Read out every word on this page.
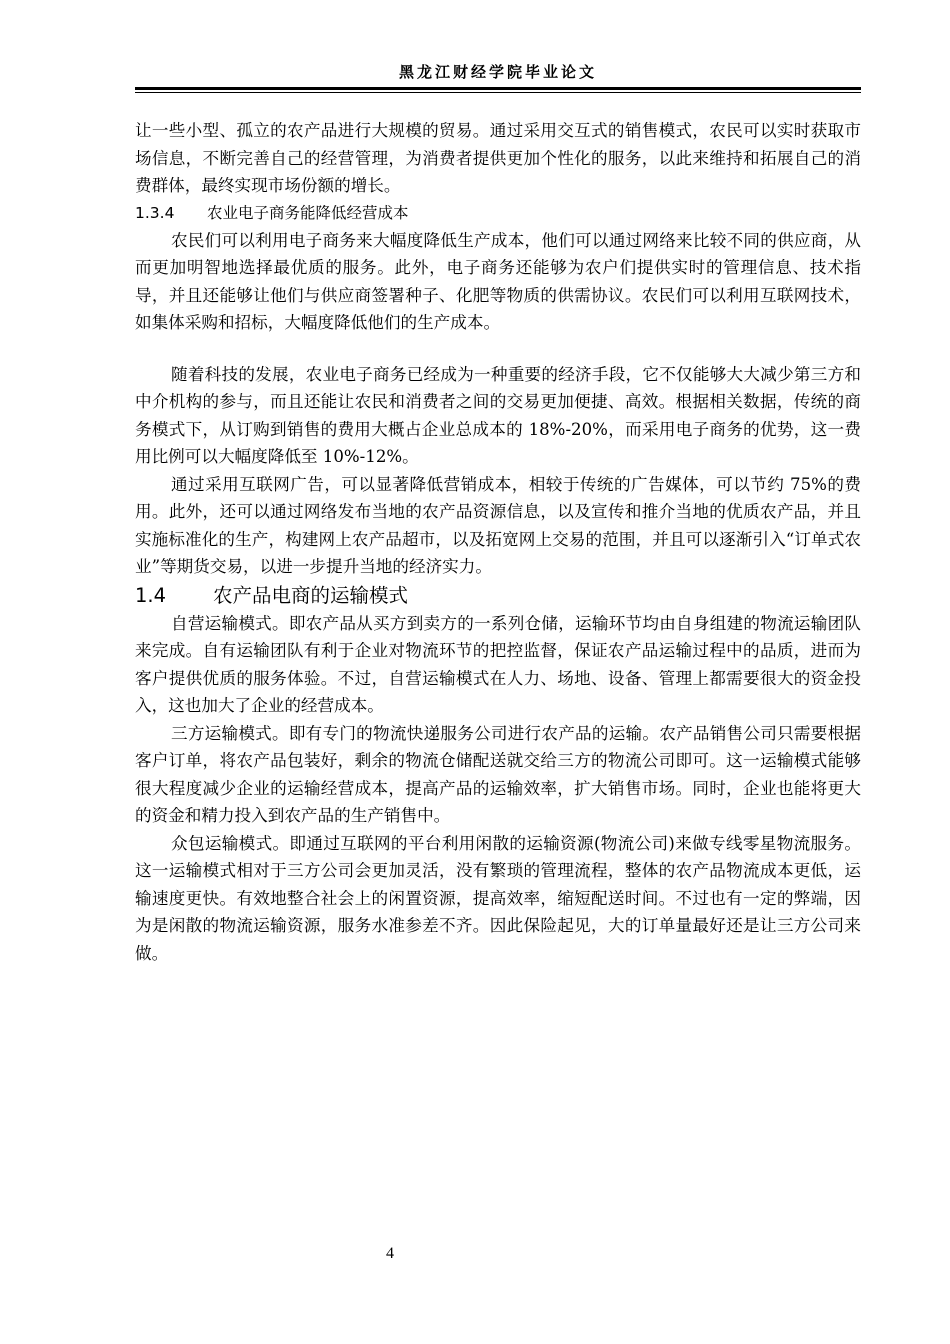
黑龙江财经学院毕业论文

让一些小型、孤立的农产品进行大规模的贸易。通过采用交互式的销售模式，农民可以实时获取市场信息，不断完善自己的经营管理，为消费者提供更加个性化的服务，以此来维持和拓展自己的消费群体，最终实现市场份额的增长。

1.3.4 农业电子商务能降低经营成本

农民们可以利用电子商务来大幅度降低生产成本，他们可以通过网络来比较不同的供应商，从而更加明智地选择最优质的服务。此外，电子商务还能够为农户们提供实时的管理信息、技术指导，并且还能够让他们与供应商签署种子、化肥等物质的供需协议。农民们可以利用互联网技术，如集体采购和招标，大幅度降低他们的生产成本。

随着科技的发展，农业电子商务已经成为一种重要的经济手段，它不仅能够大大减少第三方和中介机构的参与，而且还能让农民和消费者之间的交易更加便捷、高效。根据相关数据，传统的商务模式下，从订购到销售的费用大概占企业总成本的 18%-20%，而采用电子商务的优势，这一费用比例可以大幅度降低至 10%-12%。

通过采用互联网广告，可以显著降低营销成本，相较于传统的广告媒体，可以节约 75%的费用。此外，还可以通过网络发布当地的农产品资源信息，以及宣传和推介当地的优质农产品，并且实施标准化的生产，构建网上农产品超市，以及拓宽网上交易的范围，并且可以逐渐引入“订单式农业”等期货交易，以进一步提升当地的经济实力。

1.4 农产品电商的运输模式

自营运输模式。即农产品从买方到卖方的一系列仓储，运输环节均由自身组建的物流运输团队来完成。自有运输团队有利于企业对物流环节的把控监督，保证农产品运输过程中的品质，进而为客户提供优质的服务体验。不过，自营运输模式在人力、场地、设备、管理上都需要很大的资金投入，这也加大了企业的经营成本。

三方运输模式。即有专门的物流快递服务公司进行农产品的运输。农产品销售公司只需要根据客户订单，将农产品包装好，剩余的物流仓储配送就交给三方的物流公司即可。这一运输模式能够很大程度减少企业的运输经营成本，提高产品的运输效率，扩大销售市场。同时，企业也能将更大的资金和精力投入到农产品的生产销售中。

众包运输模式。即通过互联网的平台利用闲散的运输资源(物流公司)来做专线零星物流服务。这一运输模式相对于三方公司会更加灵活，没有繁琐的管理流程，整体的农产品物流成本更低，运输速度更快。有效地整合社会上的闲置资源，提高效率，缩短配送时间。不过也有一定的弊端，因为是闲散的物流运输资源，服务水准参差不齐。因此保险起见，大的订单量最好还是让三方公司来做。

4
